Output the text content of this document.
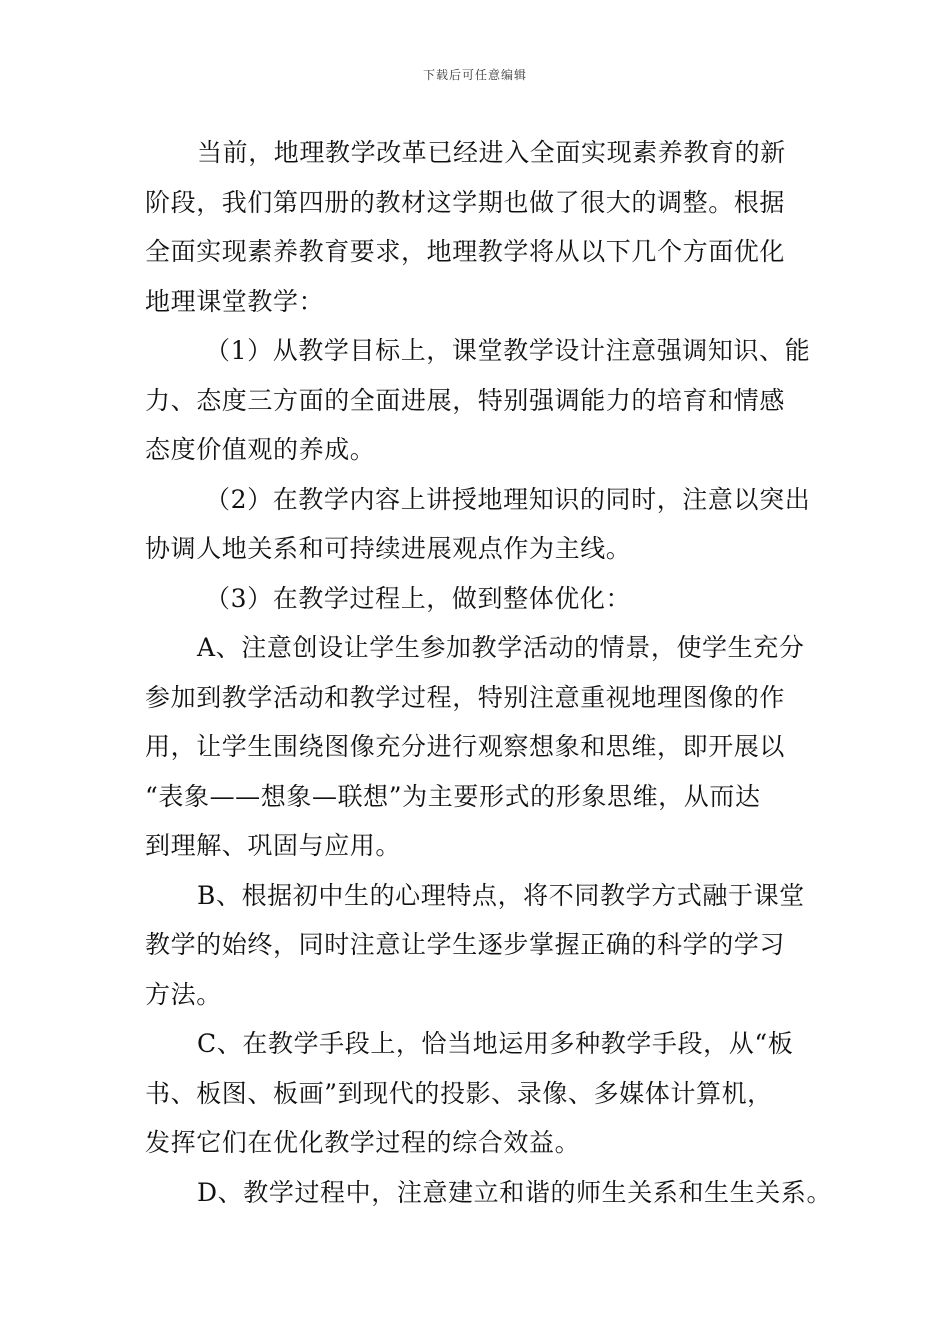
下载后可任意编辑
当前，地理教学改革已经进入全面实现素养教育的新
阶段，我们第四册的教材这学期也做了很大的调整。根据
全面实现素养教育要求，地理教学将从以下几个方面优化
地理课堂教学：
（1）从教学目标上，课堂教学设计注意强调知识、能
力、态度三方面的全面进展，特别强调能力的培育和情感
态度价值观的养成。
（2）在教学内容上讲授地理知识的同时，注意以突出
协调人地关系和可持续进展观点作为主线。
（3）在教学过程上，做到整体优化：
A、注意创设让学生参加教学活动的情景，使学生充分
参加到教学活动和教学过程，特别注意重视地理图像的作
用，让学生围绕图像充分进行观察想象和思维，即开展以
“表象——想象—联想”为主要形式的形象思维，从而达
到理解、巩固与应用。
B、根据初中生的心理特点，将不同教学方式融于课堂
教学的始终，同时注意让学生逐步掌握正确的科学的学习
方法。
C、在教学手段上，恰当地运用多种教学手段，从“板
书、板图、板画”到现代的投影、录像、多媒体计算机，
发挥它们在优化教学过程的综合效益。
D、教学过程中，注意建立和谐的师生关系和生生关系。
